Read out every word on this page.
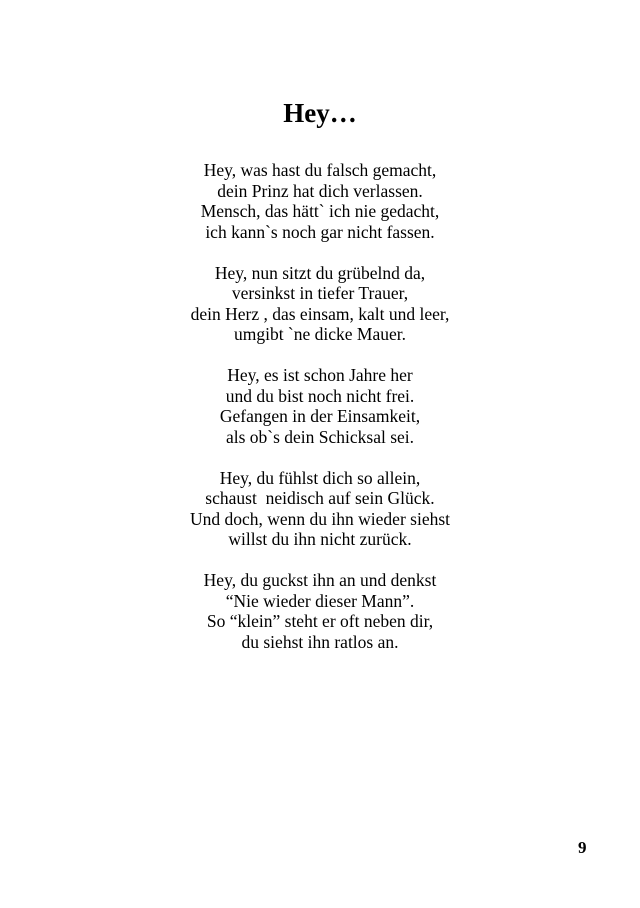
Hey…
Hey, was hast du falsch gemacht,
dein Prinz hat dich verlassen.
Mensch, das hätt` ich nie gedacht,
ich kann`s noch gar nicht fassen.
Hey, nun sitzt du grübelnd da,
versinkst in tiefer Trauer,
dein Herz , das einsam, kalt und leer,
umgibt `ne dicke Mauer.
Hey, es ist schon Jahre her
und du bist noch nicht frei.
Gefangen in der Einsamkeit,
als ob`s dein Schicksal sei.
Hey, du fühlst dich so allein,
schaust  neidisch auf sein Glück.
Und doch, wenn du ihn wieder siehst
willst du ihn nicht zurück.
Hey, du guckst ihn an und denkst
“Nie wieder dieser Mann”.
So “klein” steht er oft neben dir,
du siehst ihn ratlos an.
9
